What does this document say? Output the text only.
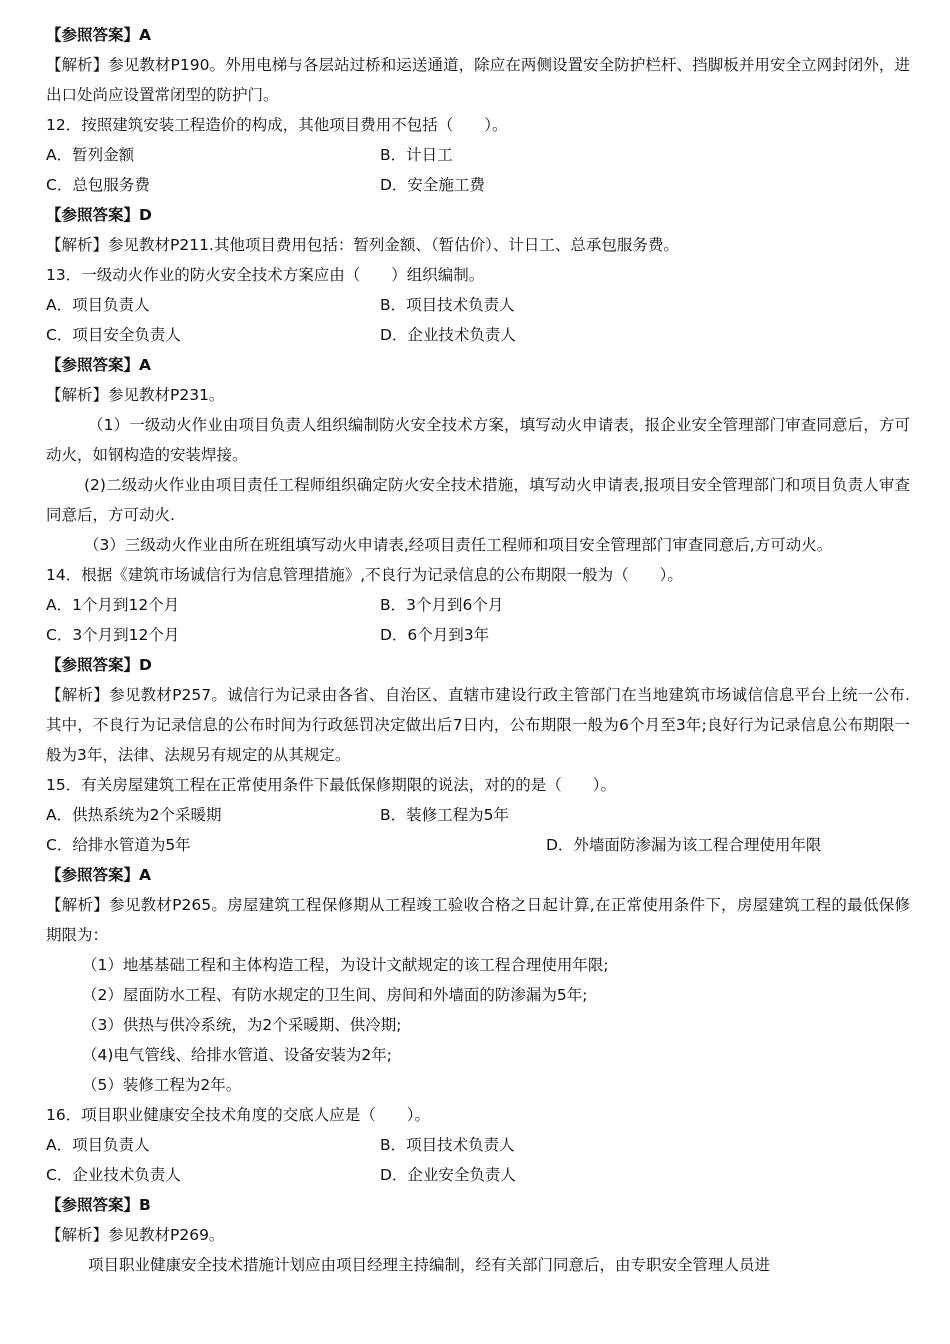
【参照答案】A
【解析】参见教材P190。外用电梯与各层站过桥和运送通道，除应在两侧设置安全防护栏杆、挡脚板并用安全立网封闭外，进出口处尚应设置常闭型的防护门。
12．按照建筑安装工程造价的构成，其他项目费用不包括（　　）。
A．暂列金额	B．计日工
C．总包服务费	D．安全施工费
【参照答案】D
【解析】参见教材P211.其他项目费用包括：暂列金额、（暂估价）、计日工、总承包服务费。
13．一级动火作业的防火安全技术方案应由（　　）组织编制。
A．项目负责人	B．项目技术负责人
C．项目安全负责人	D．企业技术负责人
【参照答案】A
【解析】参见教材P231。
（1）一级动火作业由项目负责人组织编制防火安全技术方案，填写动火申请表，报企业安全管理部门审查同意后，方可动火，如钢构造的安装焊接。
(2)二级动火作业由项目责任工程师组织确定防火安全技术措施，填写动火申请表,报项目安全管理部门和项目负责人审查同意后，方可动火.
（3）三级动火作业由所在班组填写动火申请表,经项目责任工程师和项目安全管理部门审查同意后,方可动火。
14．根据《建筑市场诚信行为信息管理措施》,不良行为记录信息的公布期限一般为（　　）。
A．1个月到12个月	B．3个月到6个月
C．3个月到12个月	D．6个月到3年
【参照答案】D
【解析】参见教材P257。诚信行为记录由各省、自治区、直辖市建设行政主管部门在当地建筑市场诚信信息平台上统一公布.其中，不良行为记录信息的公布时间为行政惩罚决定做出后7日内，公布期限一般为6个月至3年;良好行为记录信息公布期限一般为3年，法律、法规另有规定的从其规定。
15．有关房屋建筑工程在正常使用条件下最低保修期限的说法，对的的是（　　）。
A．供热系统为2个采暖期	B．装修工程为5年
C．给排水管道为5年	D．外墙面防渗漏为该工程合理使用年限
【参照答案】A
【解析】参见教材P265。房屋建筑工程保修期从工程竣工验收合格之日起计算,在正常使用条件下，房屋建筑工程的最低保修期限为：
（1）地基基础工程和主体构造工程，为设计文献规定的该工程合理使用年限;
（2）屋面防水工程、有防水规定的卫生间、房间和外墙面的防渗漏为5年;
（3）供热与供冷系统，为2个采暖期、供冷期;
（4)电气管线、给排水管道、设备安装为2年;
（5）装修工程为2年。
16．项目职业健康安全技术角度的交底人应是（　　）。
A．项目负责人	B．项目技术负责人
C．企业技术负责人	D．企业安全负责人
【参照答案】B
【解析】参见教材P269。
项目职业健康安全技术措施计划应由项目经理主持编制，经有关部门同意后，由专职安全管理人员进
